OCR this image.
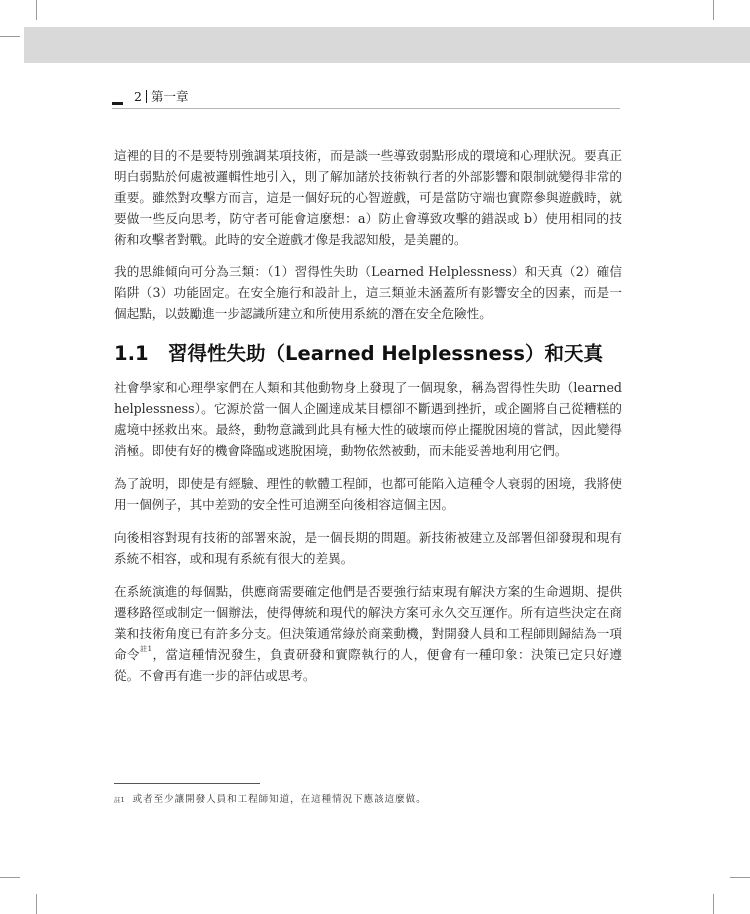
2 第一章

這裡的目的不是要特別強調某項技術，而是談一些導致弱點形成的環境和心理狀況。要真正明白弱點於何處被邏輯性地引入，則了解加諸於技術執行者的外部影響和限制就變得非常的重要。雖然對攻擊方而言，這是一個好玩的心智遊戲，可是當防守端也實際參與遊戲時，就要做一些反向思考，防守者可能會這麼想：a）防止會導致攻擊的錯誤或 b）使用相同的技術和攻擊者對戰。此時的安全遊戲才像是我認知般，是美麗的。

我的思維傾向可分為三類：（1）習得性失助（Learned Helplessness）和天真（2）確信陷阱（3）功能固定。在安全施行和設計上，這三類並未涵蓋所有影響安全的因素，而是一個起點，以鼓勵進一步認識所建立和所使用系統的潛在安全危險性。

1.1　習得性失助（Learned Helplessness）和天真

社會學家和心理學家們在人類和其他動物身上發現了一個現象，稱為習得性失助（learned helplessness）。它源於當一個人企圖達成某目標卻不斷遇到挫折，或企圖將自己從糟糕的處境中拯救出來。最終，動物意識到此具有極大性的破壞而停止擺脫困境的嘗試，因此變得消極。即使有好的機會降臨或逃脫困境，動物依然被動，而未能妥善地利用它們。

為了說明，即使是有經驗、理性的軟體工程師，也都可能陷入這種令人衰弱的困境，我將使用一個例子，其中差勁的安全性可追溯至向後相容這個主因。

向後相容對現有技術的部署來說，是一個長期的問題。新技術被建立及部署但卻發現和現有系統不相容，或和現有系統有很大的差異。

在系統演進的每個點，供應商需要確定他們是否要強行結束現有解決方案的生命週期、提供遷移路徑或制定一個辦法，使得傳統和現代的解決方案可永久交互運作。所有這些決定在商業和技術角度已有許多分支。但決策通常綠於商業動機，對開發人員和工程師則歸結為一項命令$^{註1}$，當這種情況發生，負責研發和實際執行的人，便會有一種印象：決策已定只好遵從。不會再有進一步的評估或思考。

$^{註1}$ 或者至少讓開發人員和工程師知道，在這種情況下應該這麼做。
